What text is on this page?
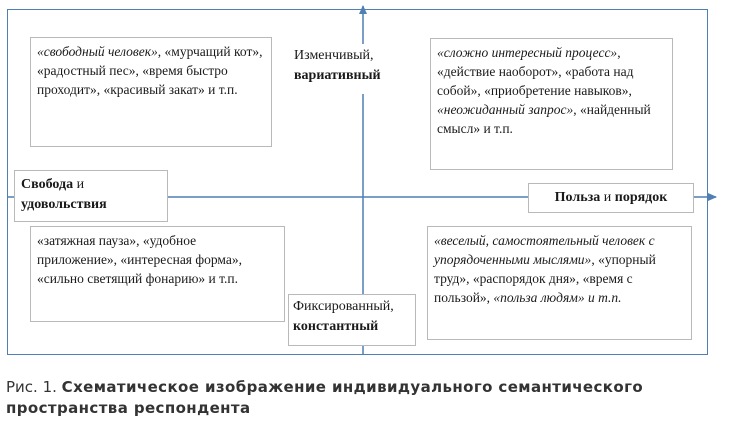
«свободный человек», «мурчащий кот», «радостный пес», «время быстро проходит», «красивый закат» и т.п.
«сложно интересный процесс», «действие наоборот», «работа над собой», «приобретение навыков», «неожиданный запрос», «найденный смысл» и т.п.
«затяжная пауза», «удобное приложение», «интересная форма», «сильно светящий фонарию» и т.п.
«веселый, самостоятельный человек с упорядоченными мыслями», «упорный труд», «распорядок дня», «время с пользой», «польза людям» и т.п.
Изменчивый,
вариативный
Фиксированный,
константный
Свобода и
удовольствия	Польза и порядок
Рис. 1. Схематическое изображение индивидуального семантического пространства респондента
